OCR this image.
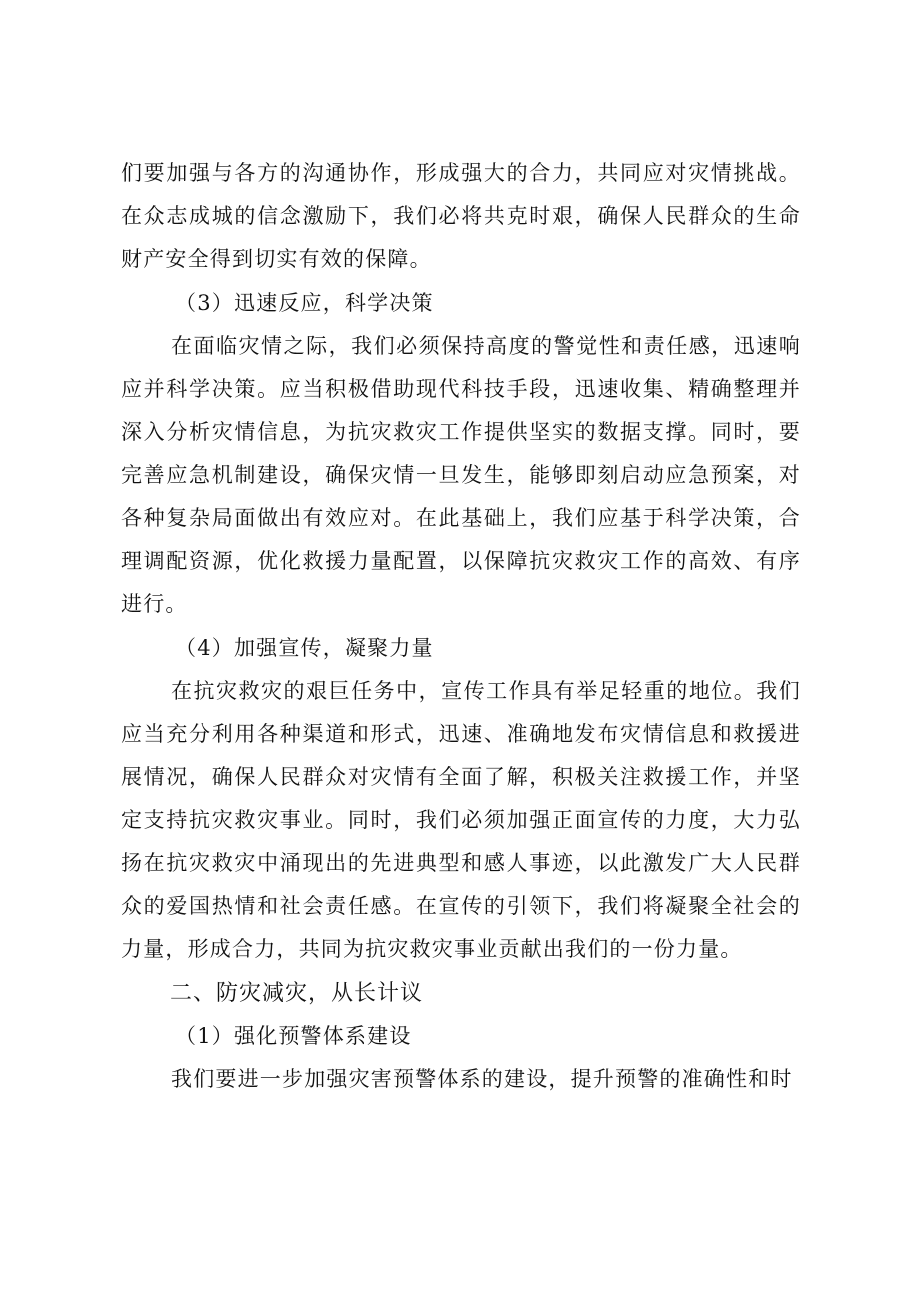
们要加强与各方的沟通协作，形成强大的合力，共同应对灾情挑战。在众志成城的信念激励下，我们必将共克时艰，确保人民群众的生命财产安全得到切实有效的保障。

（3）迅速反应，科学决策

在面临灾情之际，我们必须保持高度的警觉性和责任感，迅速响应并科学决策。应当积极借助现代科技手段，迅速收集、精确整理并深入分析灾情信息，为抗灾救灾工作提供坚实的数据支撑。同时，要完善应急机制建设，确保灾情一旦发生，能够即刻启动应急预案，对各种复杂局面做出有效应对。在此基础上，我们应基于科学决策，合理调配资源，优化救援力量配置，以保障抗灾救灾工作的高效、有序进行。

（4）加强宣传，凝聚力量

在抗灾救灾的艰巨任务中，宣传工作具有举足轻重的地位。我们应当充分利用各种渠道和形式，迅速、准确地发布灾情信息和救援进展情况，确保人民群众对灾情有全面了解，积极关注救援工作，并坚定支持抗灾救灾事业。同时，我们必须加强正面宣传的力度，大力弘扬在抗灾救灾中涌现出的先进典型和感人事迹，以此激发广大人民群众的爱国热情和社会责任感。在宣传的引领下，我们将凝聚全社会的力量，形成合力，共同为抗灾救灾事业贡献出我们的一份力量。

二、防灾减灾，从长计议
（1）强化预警体系建设
我们要进一步加强灾害预警体系的建设，提升预警的准确性和时
